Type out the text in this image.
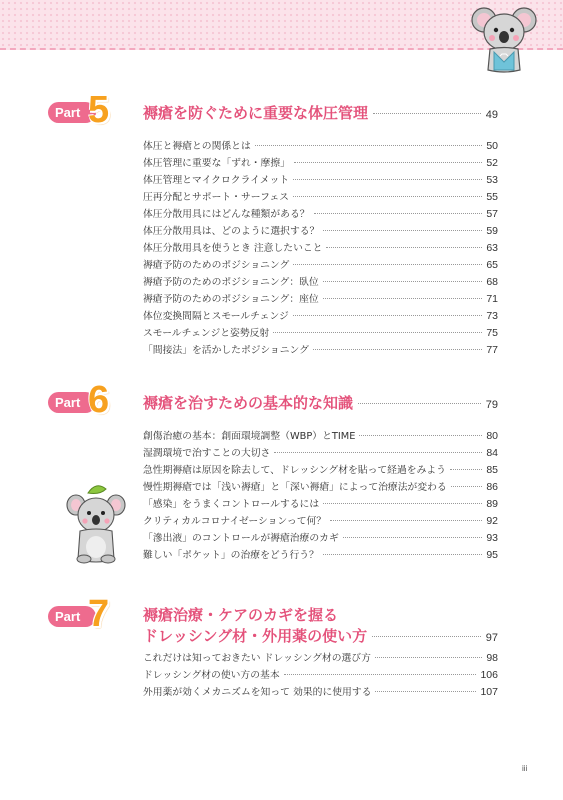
Part 5	褥瘡を防ぐために重要な体圧管理	49
体圧と褥瘡との関係とは	50
体圧管理に重要な「ずれ・摩擦」	52
体圧管理とマイクロクライメット	53
圧再分配とサポート・サーフェス	55
体圧分散用具にはどんな種類がある？	57
体圧分散用具は、どのように選択する？	59
体圧分散用具を使うとき 注意したいこと	63
褥瘡予防のためのポジショニング	65
褥瘡予防のためのポジショニング：臥位	68
褥瘡予防のためのポジショニング：座位	71
体位変換間隔とスモールチェンジ	73
スモールチェンジと姿勢反射	75
「間接法」を活かしたポジショニング	77
Part 6	褥瘡を治すための基本的な知識	79
創傷治癒の基本：創面環境調整（WBP）とTIME	80
湿潤環境で治すことの大切さ	84
急性期褥瘡は原因を除去して、ドレッシング材を貼って経過をみよう	85
慢性期褥瘡では「浅い褥瘡」と「深い褥瘡」によって治療法が変わる	86
「感染」をうまくコントロールするには	89
クリティカルコロナイゼーションって何？	92
「滲出液」のコントロールが褥瘡治療のカギ	93
難しい「ポケット」の治療をどう行う？	95
Part 7	褥瘡治療・ケアのカギを握る
ドレッシング材・外用薬の使い方	97
これだけは知っておきたい ドレッシング材の選び方	98
ドレッシング材の使い方の基本	106
外用薬が効くメカニズムを知って 効果的に使用する	107
iii
